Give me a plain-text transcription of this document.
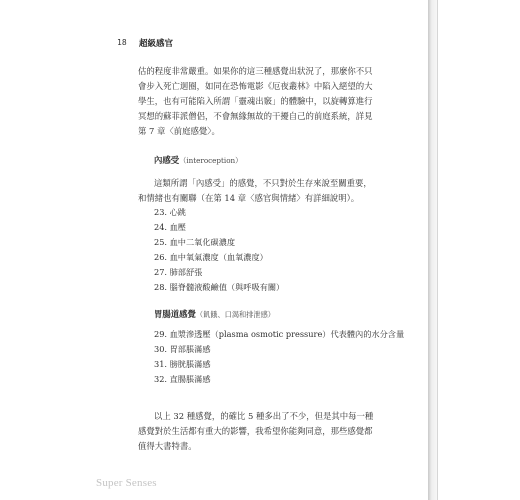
18 超級感官
估的程度非常嚴重。如果你的這三種感覺出狀況了，那麼你不只會步入死亡迴圈，如同在恐怖電影《厄夜叢林》中陷入絕望的大學生，也有可能陷入所謂「靈魂出竅」的體驗中，以旋轉算進行冥想的蘇菲派僧侶，不會無緣無故的干擾自己的前庭系統，詳見第 7 章〈前庭感覺〉。
內感受（interoception）
這類所謂「內感受」的感覺，不只對於生存來說至關重要，和情緒也有關聯（在第 14 章〈感官與情緒〉有詳細說明）。
23. 心跳
24. 血壓
25. 血中二氧化碳濃度
26. 血中氧氣濃度（血氧濃度）
27. 肺部舒張
28. 腦脊髓液酸鹼值（與呼吸有關）
胃腸道感覺（飢餓、口渴和排泄感）
29. 血漿滲透壓（plasma osmotic pressure）代表體內的水分含量
30. 胃部脹滿感
31. 膀胱脹滿感
32. 直腸脹滿感
以上 32 種感覺，的確比 5 種多出了不少，但是其中每一種感覺對於生活都有重大的影響，我希望你能夠同意，那些感覺都值得大書特書。
Super Senses
